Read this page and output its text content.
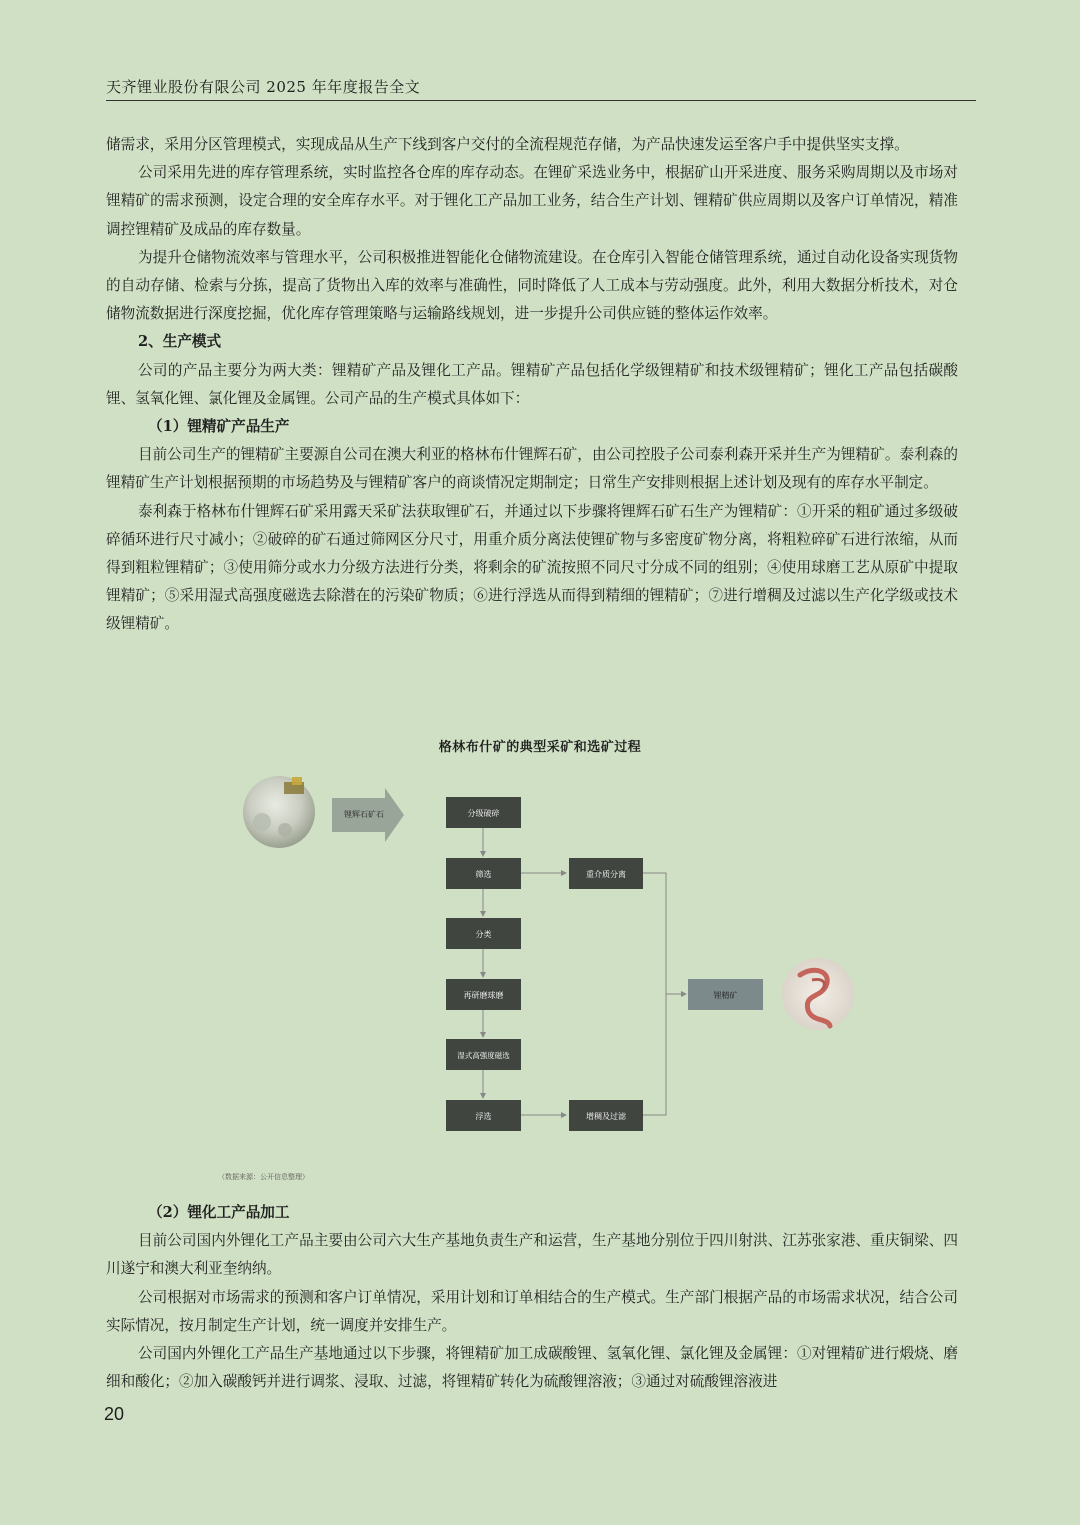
天齐锂业股份有限公司 2025 年年度报告全文

储需求，采用分区管理模式，实现成品从生产下线到客户交付的全流程规范存储，为产品快速发运至客户手中提供坚实支撑。

公司采用先进的库存管理系统，实时监控各仓库的库存动态。在锂矿采选业务中，根据矿山开采进度、服务采购周期以及市场对锂精矿的需求预测，设定合理的安全库存水平。对于锂化工产品加工业务，结合生产计划、锂精矿供应周期以及客户订单情况，精准调控锂精矿及成品的库存数量。

为提升仓储物流效率与管理水平，公司积极推进智能化仓储物流建设。在仓库引入智能仓储管理系统，通过自动化设备实现货物的自动存储、检索与分拣，提高了货物出入库的效率与准确性，同时降低了人工成本与劳动强度。此外，利用大数据分析技术，对仓储物流数据进行深度挖掘，优化库存管理策略与运输路线规划，进一步提升公司供应链的整体运作效率。

2、生产模式

公司的产品主要分为两大类：锂精矿产品及锂化工产品。锂精矿产品包括化学级锂精矿和技术级锂精矿；锂化工产品包括碳酸锂、氢氧化锂、氯化锂及金属锂。公司产品的生产模式具体如下：

（1）锂精矿产品生产

目前公司生产的锂精矿主要源自公司在澳大利亚的格林布什锂辉石矿，由公司控股子公司泰利森开采并生产为锂精矿。泰利森的锂精矿生产计划根据预期的市场趋势及与锂精矿客户的商谈情况定期制定；日常生产安排则根据上述计划及现有的库存水平制定。

泰利森于格林布什锂辉石矿采用露天采矿法获取锂矿石，并通过以下步骤将锂辉石矿石生产为锂精矿：①开采的粗矿通过多级破碎循环进行尺寸减小；②破碎的矿石通过筛网区分尺寸，用重介质分离法使锂矿物与多密度矿物分离，将粗粒碎矿石进行浓缩，从而得到粗粒锂精矿；③使用筛分或水力分级方法进行分类，将剩余的矿流按照不同尺寸分成不同的组别；④使用球磨工艺从原矿中提取锂精矿；⑤采用湿式高强度磁选去除潜在的污染矿物质；⑥进行浮选从而得到精细的锂精矿；⑦进行增稠及过滤以生产化学级或技术级锂精矿。

格林布什矿的典型采矿和选矿过程
锂辉石矿石	分级破碎
筛选
分类
再研磨球磨
湿式高强度磁选
浮选
重介质分离
增稠及过滤
锂精矿
（数据来源：公开信息整理）

（2）锂化工产品加工

目前公司国内外锂化工产品主要由公司六大生产基地负责生产和运营，生产基地分别位于四川射洪、江苏张家港、重庆铜梁、四川遂宁和澳大利亚奎纳纳。

公司根据对市场需求的预测和客户订单情况，采用计划和订单相结合的生产模式。生产部门根据产品的市场需求状况，结合公司实际情况，按月制定生产计划，统一调度并安排生产。

公司国内外锂化工产品生产基地通过以下步骤，将锂精矿加工成碳酸锂、氢氧化锂、氯化锂及金属锂：①对锂精矿进行煅烧、磨细和酸化；②加入碳酸钙并进行调浆、浸取、过滤，将锂精矿转化为硫酸锂溶液；③通过对硫酸锂溶液进

20
